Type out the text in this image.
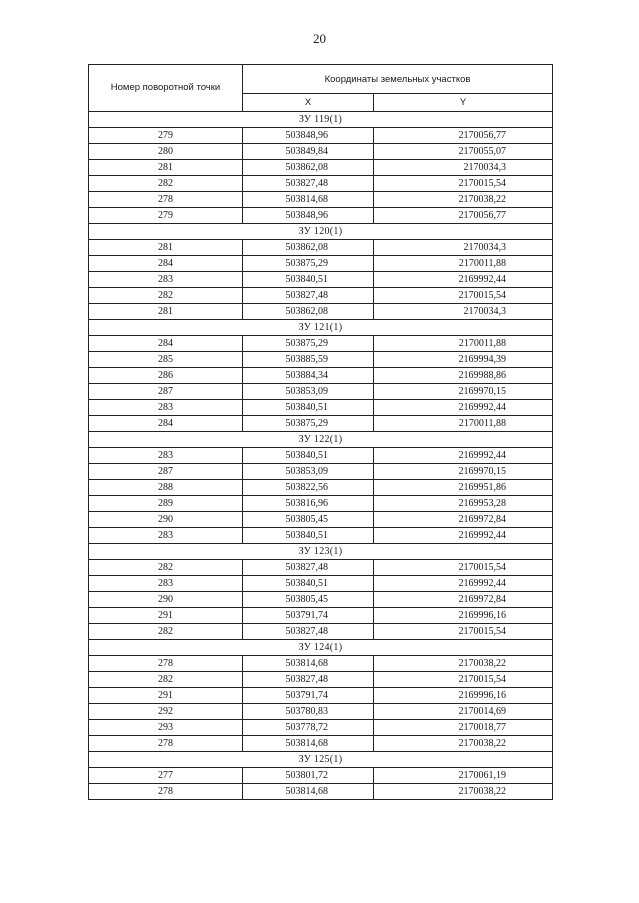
20
Номер поворотной точки	Координаты земельных участков	
	X	Y
ЗУ 119(1)		
279	503848,96	2170056,77
280	503849,84	2170055,07
281	503862,08	2170034,3
282	503827,48	2170015,54
278	503814,68	2170038,22
279	503848,96	2170056,77
ЗУ 120(1)		
281	503862,08	2170034,3
284	503875,29	2170011,88
283	503840,51	2169992,44
282	503827,48	2170015,54
281	503862,08	2170034,3
ЗУ 121(1)		
284	503875,29	2170011,88
285	503885,59	2169994,39
286	503884,34	2169988,86
287	503853,09	2169970,15
283	503840,51	2169992,44
284	503875,29	2170011,88
ЗУ 122(1)		
283	503840,51	2169992,44
287	503853,09	2169970,15
288	503822,56	2169951,86
289	503816,96	2169953,28
290	503805,45	2169972,84
283	503840,51	2169992,44
ЗУ 123(1)		
282	503827,48	2170015,54
283	503840,51	2169992,44
290	503805,45	2169972,84
291	503791,74	2169996,16
282	503827,48	2170015,54
ЗУ 124(1)		
278	503814,68	2170038,22
282	503827,48	2170015,54
291	503791,74	2169996,16
292	503780,83	2170014,69
293	503778,72	2170018,77
278	503814,68	2170038,22
ЗУ 125(1)		
277	503801,72	2170061,19
278	503814,68	2170038,22
